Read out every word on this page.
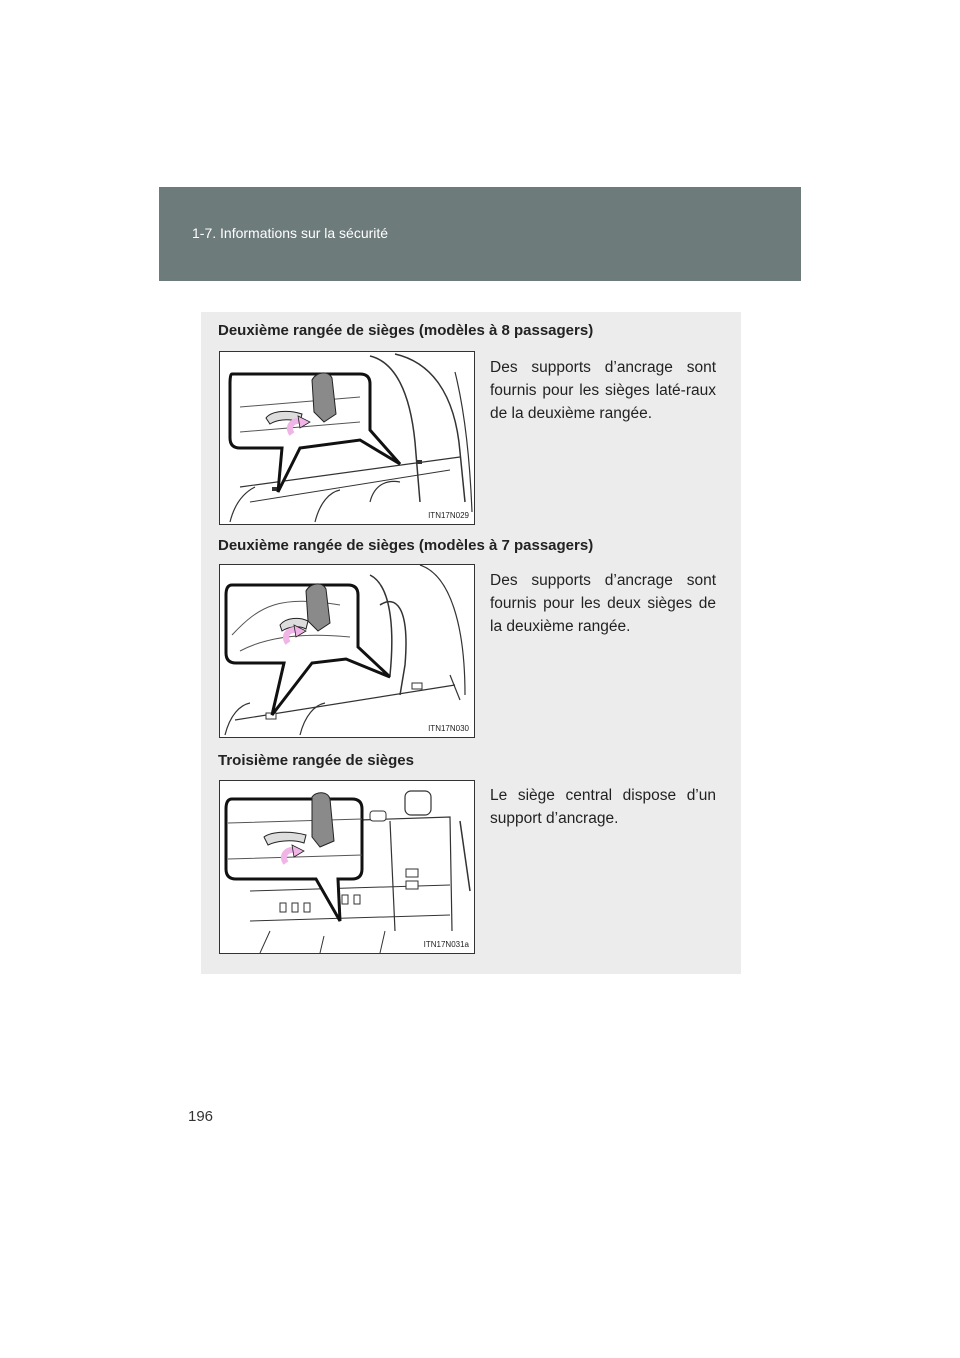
1-7. Informations sur la sécurité
Deuxième rangée de sièges (modèles à 8 passagers)
ITN17N029
Des supports d’ancrage sont fournis pour les sièges laté-raux de la deuxième rangée.
Deuxième rangée de sièges (modèles à 7 passagers)
ITN17N030
Des supports d’ancrage sont fournis pour les deux sièges de la deuxième rangée.
Troisième rangée de sièges
ITN17N031a
Le siège central dispose d’un support d’ancrage.
196
